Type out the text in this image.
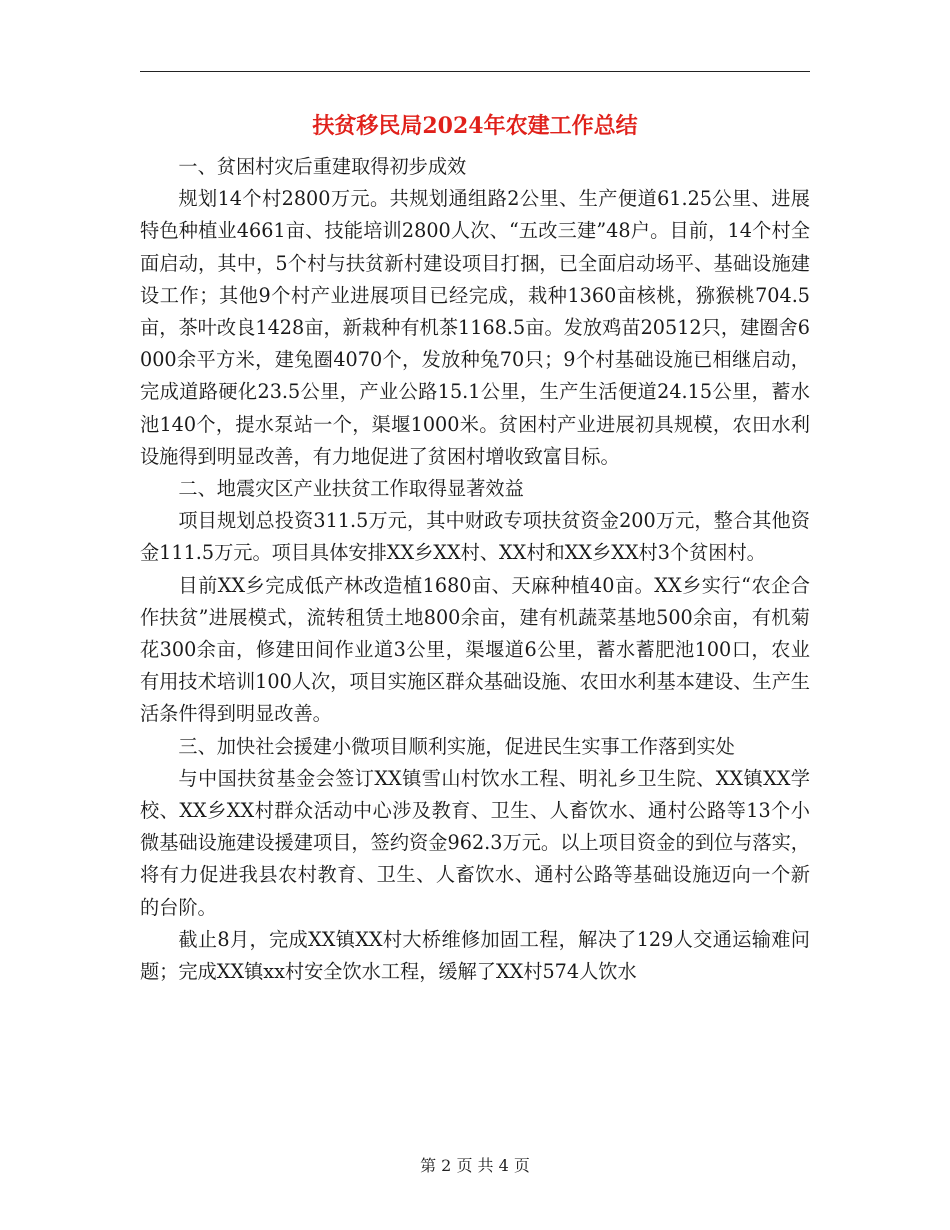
扶贫移民局2024年农建工作总结

一、贫困村灾后重建取得初步成效

规划14个村2800万元。共规划通组路2公里、生产便道61.25公里、进展特色种植业4661亩、技能培训2800人次、“五改三建”48户。目前，14个村全面启动，其中，5个村与扶贫新村建设项目打捆，已全面启动场平、基础设施建设工作；其他9个村产业进展项目已经完成，栽种1360亩核桃，猕猴桃704.5亩，茶叶改良1428亩，新栽种有机茶1168.5亩。发放鸡苗20512只，建圈舍6000余平方米，建兔圈4070个，发放种兔70只；9个村基础设施已相继启动，完成道路硬化23.5公里，产业公路15.1公里，生产生活便道24.15公里，蓄水池140个，提水泵站一个，渠堰1000米。贫困村产业进展初具规模，农田水利设施得到明显改善，有力地促进了贫困村增收致富目标。

二、地震灾区产业扶贫工作取得显著效益

项目规划总投资311.5万元，其中财政专项扶贫资金200万元，整合其他资金111.5万元。项目具体安排XX乡XX村、XX村和XX乡XX村3个贫困村。

目前XX乡完成低产林改造植1680亩、天麻种植40亩。XX乡实行“农企合作扶贫”进展模式，流转租赁土地800余亩，建有机蔬菜基地500余亩，有机菊花300余亩，修建田间作业道3公里，渠堰道6公里，蓄水蓄肥池100口，农业有用技术培训100人次，项目实施区群众基础设施、农田水利基本建设、生产生活条件得到明显改善。

三、加快社会援建小微项目顺利实施，促进民生实事工作落到实处

与中国扶贫基金会签订XX镇雪山村饮水工程、明礼乡卫生院、XX镇XX学校、XX乡XX村群众活动中心涉及教育、卫生、人畜饮水、通村公路等13个小微基础设施建设援建项目，签约资金962.3万元。以上项目资金的到位与落实，将有力促进我县农村教育、卫生、人畜饮水、通村公路等基础设施迈向一个新的台阶。

截止8月，完成XX镇XX村大桥维修加固工程，解决了129人交通运输难问题；完成XX镇xx村安全饮水工程，缓解了XX村574人饮水

第 2 页 共 4 页
